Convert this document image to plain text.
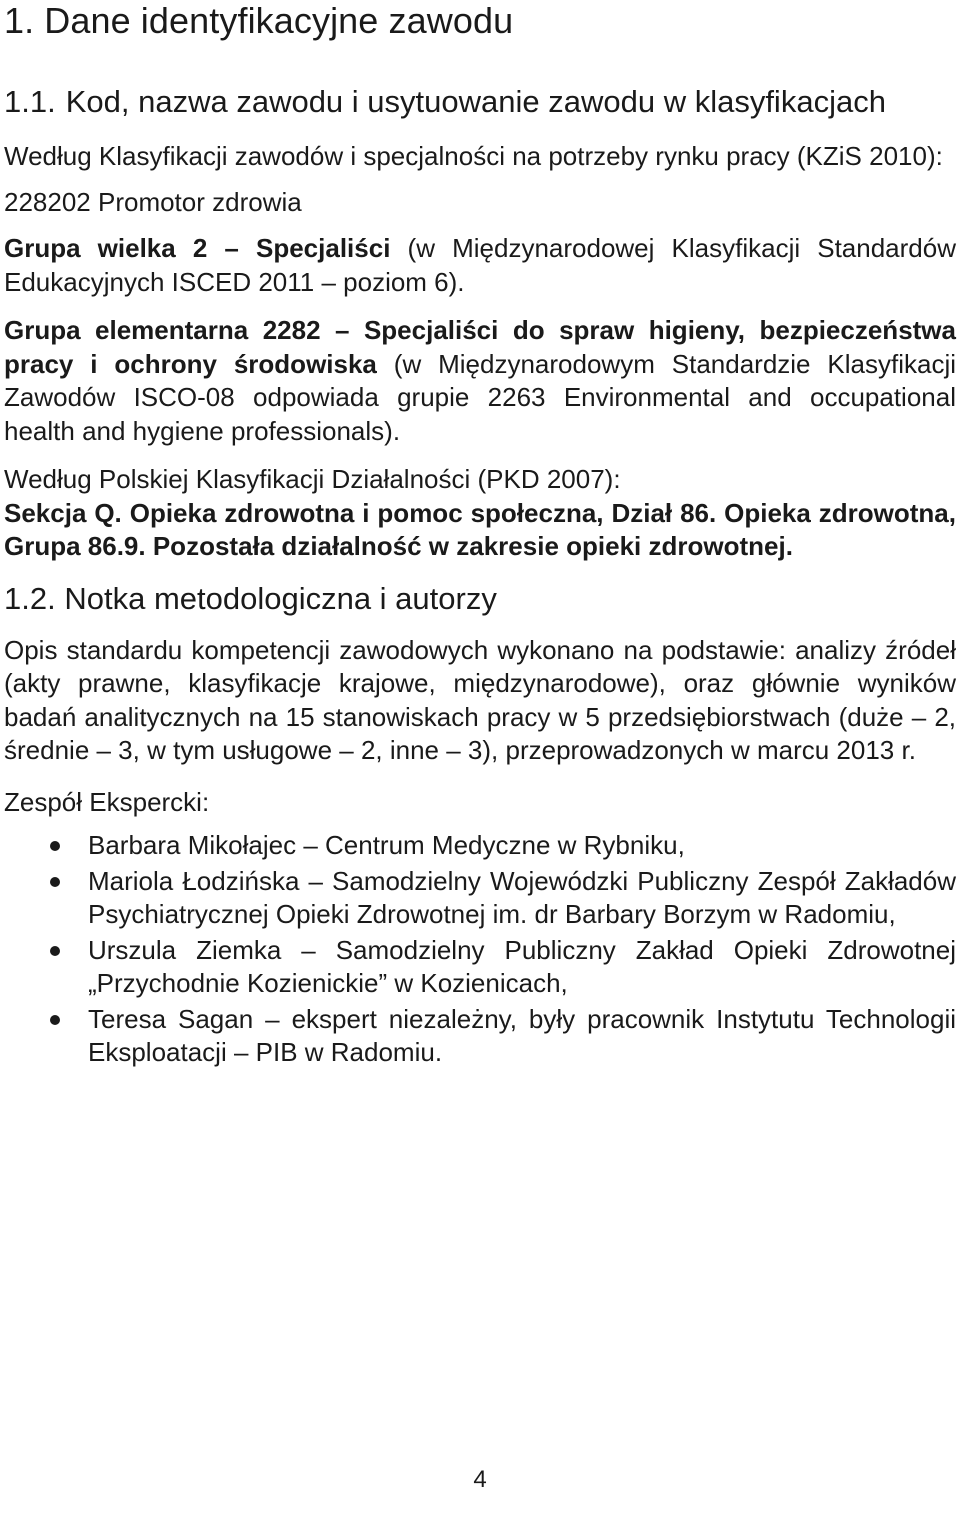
1. Dane identyfikacyjne zawodu
1.1. Kod, nazwa zawodu i usytuowanie zawodu w klasyfikacjach

Według Klasyfikacji zawodów i specjalności na potrzeby rynku pracy (KZiS 2010):

228202 Promotor zdrowia

Grupa wielka 2 – Specjaliści (w Międzynarodowej Klasyfikacji Standardów Edukacyjnych ISCED 2011 – poziom 6).

Grupa elementarna 2282 – Specjaliści do spraw higieny, bezpieczeństwa pracy i ochrony środowiska (w Międzynarodowym Standardzie Klasyfikacji Zawodów ISCO-08 odpowiada grupie 2263 Environmental and occupational health and hygiene professionals).

Według Polskiej Klasyfikacji Działalności (PKD 2007):

Sekcja Q. Opieka zdrowotna i pomoc społeczna, Dział 86. Opieka zdrowotna, Grupa 86.9. Pozostała działalność w zakresie opieki zdrowotnej.

1.2. Notka metodologiczna i autorzy

Opis standardu kompetencji zawodowych wykonano na podstawie: analizy źródeł (akty prawne, klasyfikacje krajowe, międzynarodowe), oraz głównie wyników badań analitycznych na 15 stanowiskach pracy w 5 przedsiębiorstwach (duże – 2, średnie – 3, w tym usługowe – 2, inne – 3), przeprowadzonych w marcu 2013 r.

Zespół Ekspercki:

Barbara Mikołajec – Centrum Medyczne w Rybniku,
Mariola Łodzińska – Samodzielny Wojewódzki Publiczny Zespół Zakładów Psychiatrycznej Opieki Zdrowotnej im. dr Barbary Borzym w Radomiu,
Urszula Ziemka – Samodzielny Publiczny Zakład Opieki Zdrowotnej „Przychodnie Kozienickie” w Kozienicach,
Teresa Sagan – ekspert niezależny, były pracownik Instytutu Technologii Eksploatacji – PIB w Radomiu.
4
